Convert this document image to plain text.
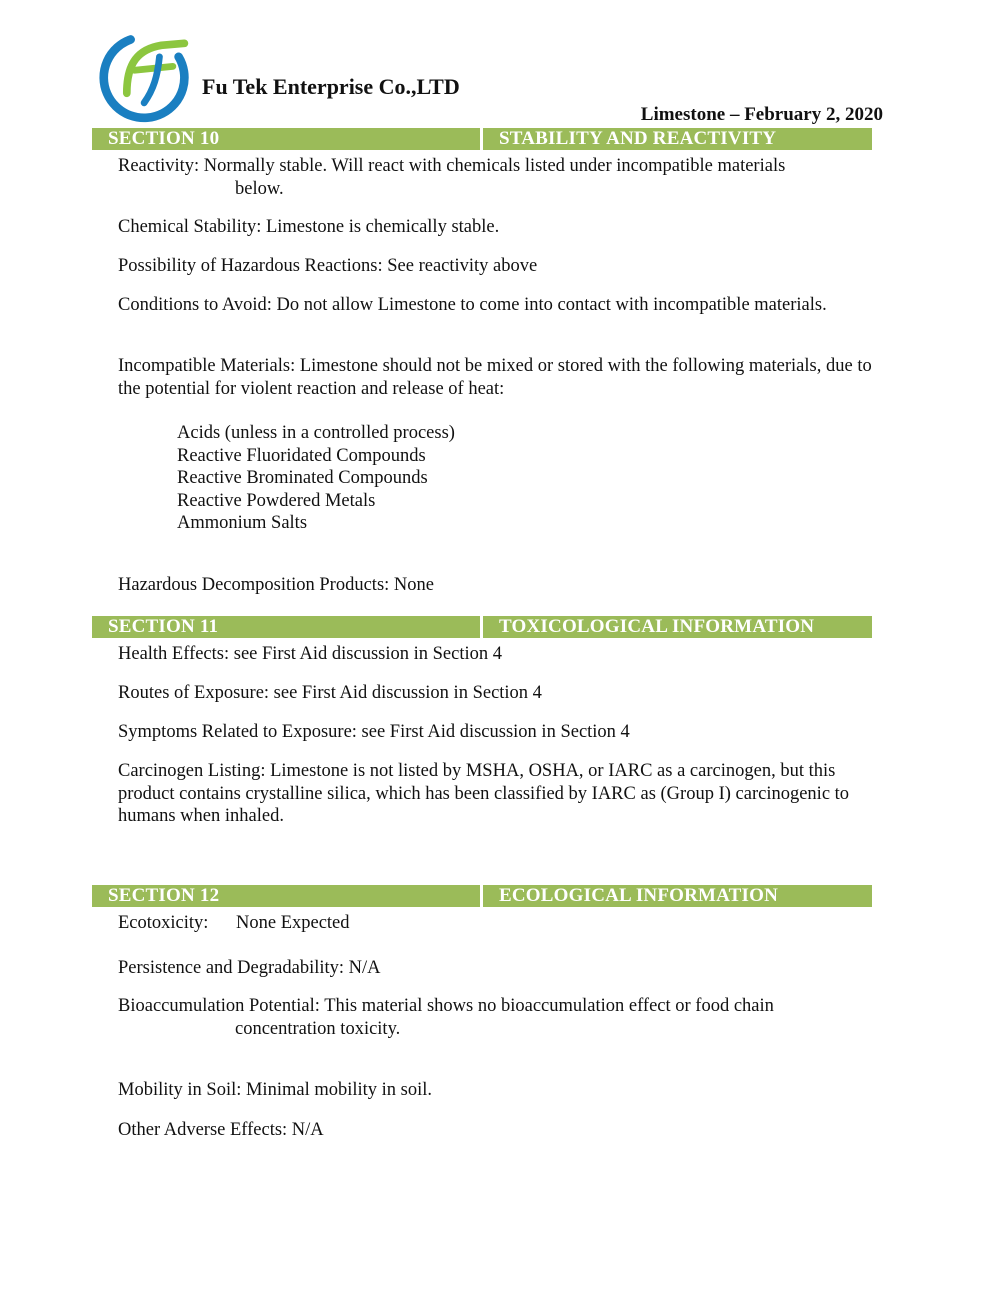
Fu Tek Enterprise Co.,LTD
Limestone – February 2, 2020
SECTION 10	STABILITY AND REACTIVITY

Reactivity: Normally stable. Will react with chemicals listed under incompatible materials
below.

Chemical Stability: Limestone is chemically stable.

Possibility of Hazardous Reactions: See reactivity above

Conditions to Avoid: Do not allow Limestone to come into contact with incompatible materials.

Incompatible Materials: Limestone should not be mixed or stored with the following materials, due to the potential for violent reaction and release of heat:

Acids (unless in a controlled process)
Reactive Fluoridated Compounds
Reactive Brominated Compounds
Reactive Powdered Metals
Ammonium Salts

Hazardous Decomposition Products: None

SECTION 11	TOXICOLOGICAL INFORMATION

Health Effects: see First Aid discussion in Section 4

Routes of Exposure: see First Aid discussion in Section 4

Symptoms Related to Exposure: see First Aid discussion in Section 4

Carcinogen Listing: Limestone is not listed by MSHA, OSHA, or IARC as a carcinogen, but this product contains crystalline silica, which has been classified by IARC as (Group I) carcinogenic to humans when inhaled.

SECTION 12	ECOLOGICAL INFORMATION

Ecotoxicity: None Expected

Persistence and Degradability: N/A

Bioaccumulation Potential: This material shows no bioaccumulation effect or food chain
concentration toxicity.

Mobility in Soil: Minimal mobility in soil.

Other Adverse Effects: N/A
